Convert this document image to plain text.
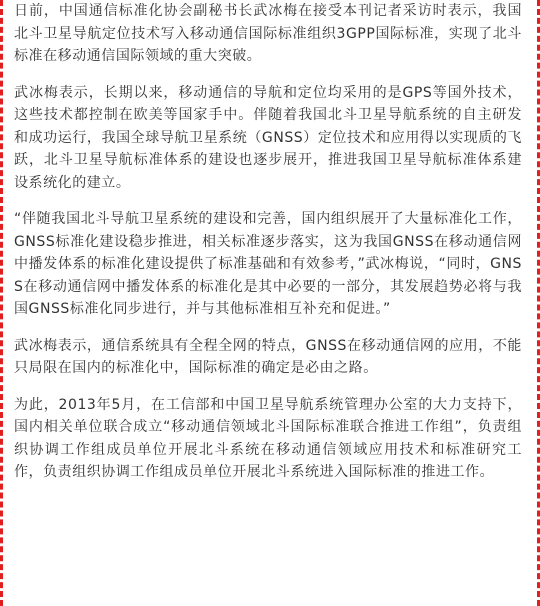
日前，中国通信标准化协会副秘书长武冰梅在接受本刊记者采访时表示，我国北斗卫星导航定位技术写入移动通信国际标准组织3GPP国际标准，实现了北斗标准在移动通信国际领域的重大突破。

武冰梅表示，长期以来，移动通信的导航和定位均采用的是GPS等国外技术，这些技术都控制在欧美等国家手中。伴随着我国北斗卫星导航系统的自主研发和成功运行，我国全球导航卫星系统（GNSS）定位技术和应用得以实现质的飞跃，北斗卫星导航标准体系的建设也逐步展开，推进我国卫星导航标准体系建设系统化的建立。

“伴随我国北斗导航卫星系统的建设和完善，国内组织展开了大量标准化工作，GNSS标准化建设稳步推进，相关标准逐步落实，这为我国GNSS在移动通信网中播发体系的标准化建设提供了标准基础和有效参考，”武冰梅说，“同时，GNSS在移动通信网中播发体系的标准化是其中必要的一部分，其发展趋势必将与我国GNSS标准化同步进行，并与其他标准相互补充和促进。”

武冰梅表示，通信系统具有全程全网的特点，GNSS在移动通信网的应用，不能只局限在国内的标准化中，国际标准的确定是必由之路。

为此，2013年5月，在工信部和中国卫星导航系统管理办公室的大力支持下，国内相关单位联合成立“移动通信领域北斗国际标准联合推进工作组”，负责组织协调工作组成员单位开展北斗系统在移动通信领域应用技术和标准研究工作，负责组织协调工作组成员单位开展北斗系统进入国际标准的推进工作。
